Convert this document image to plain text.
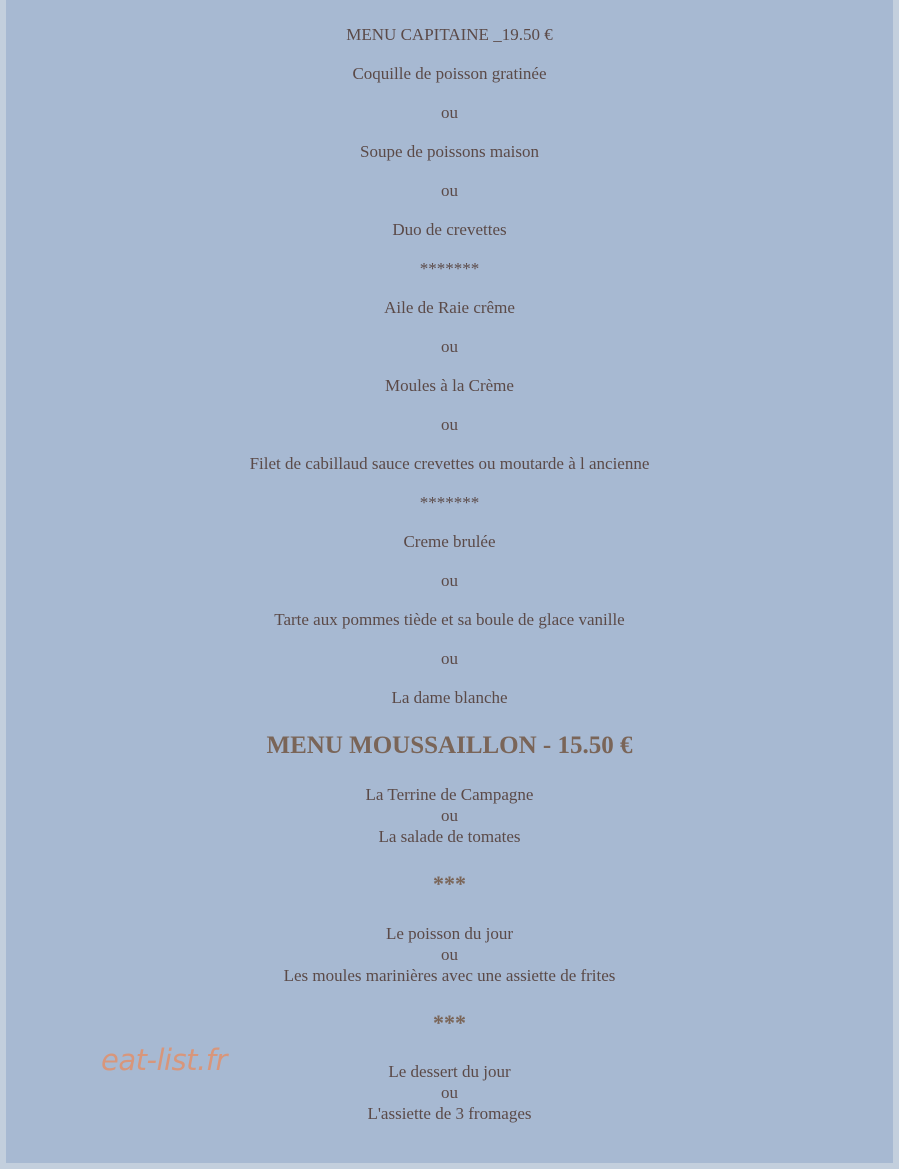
MENU CAPITAINE _19.50 €
Coquille de poisson gratinée
ou
Soupe de poissons maison
ou
Duo de crevettes
*******
Aile de Raie crême
ou
Moules à la Crème
ou
Filet de cabillaud sauce crevettes ou moutarde à l ancienne
*******
Creme brulée
ou
Tarte aux pommes tiède et sa boule de glace vanille
ou
La dame blanche
MENU MOUSSAILLON - 15.50 €
La Terrine de Campagne
ou
La salade de tomates
***
Le poisson du jour
ou
Les moules marinières avec une assiette de frites
***
Le dessert du jour
ou
L'assiette de 3 fromages
eat-list.fr
